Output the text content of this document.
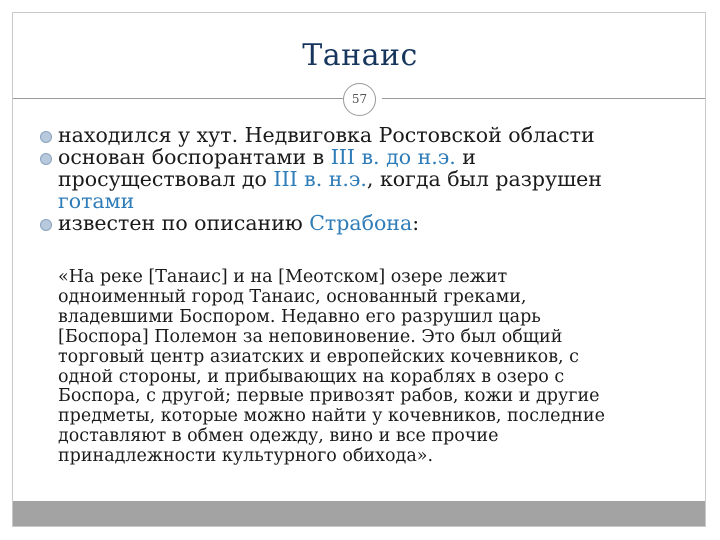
Танаис
57
находился у хут. Недвиговка Ростовской области
основан боспорантами в III в. до н.э. и
просуществовал до III в. н.э., когда был разрушен
готами
известен по описанию Страбона:
«На реке [Танаис] и на [Меотском] озере лежит
одноименный город Танаис, основанный греками,
владевшими Боспором. Недавно его разрушил царь
[Боспора] Полемон за неповиновение. Это был общий
торговый центр азиатских и европейских кочевников, с
одной стороны, и прибывающих на кораблях в озеро с
Боспора, с другой; первые привозят рабов, кожи и другие
предметы, которые можно найти у кочевников, последние
доставляют в обмен одежду, вино и все прочие
принадлежности культурного обихода».
